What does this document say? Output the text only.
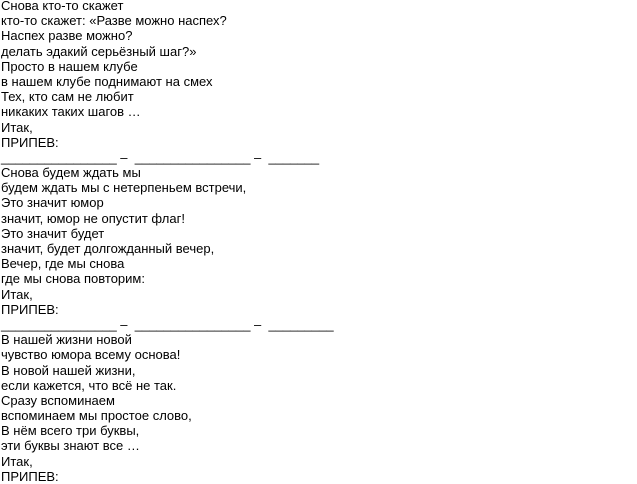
Снова кто-то скажет
кто-то скажет: «Разве можно наспех?
Наспех разве можно?
делать эдакий серьёзный шаг?»
Просто в нашем клубе
в нашем клубе поднимают на смех
Тех, кто сам не любит
никаких таких шагов …
Итак,
ПРИПЕВ:
________________ –  ________________ –  _______
Снова будем ждать мы
будем ждать мы с нетерпеньем встречи,
Это значит юмор
значит, юмор не опустит флаг!
Это значит будет
значит, будет долгожданный вечер,
Вечер, где мы снова
где мы снова повторим:
Итак,
ПРИПЕВ:
________________ –  ________________ –  _________
В нашей жизни новой
чувство юмора всему основа!
В новой нашей жизни,
если кажется, что всё не так.
Сразу вспоминаем
вспоминаем мы простое слово,
В нём всего три буквы,
эти буквы знают все …
Итак,
ПРИПЕВ:
